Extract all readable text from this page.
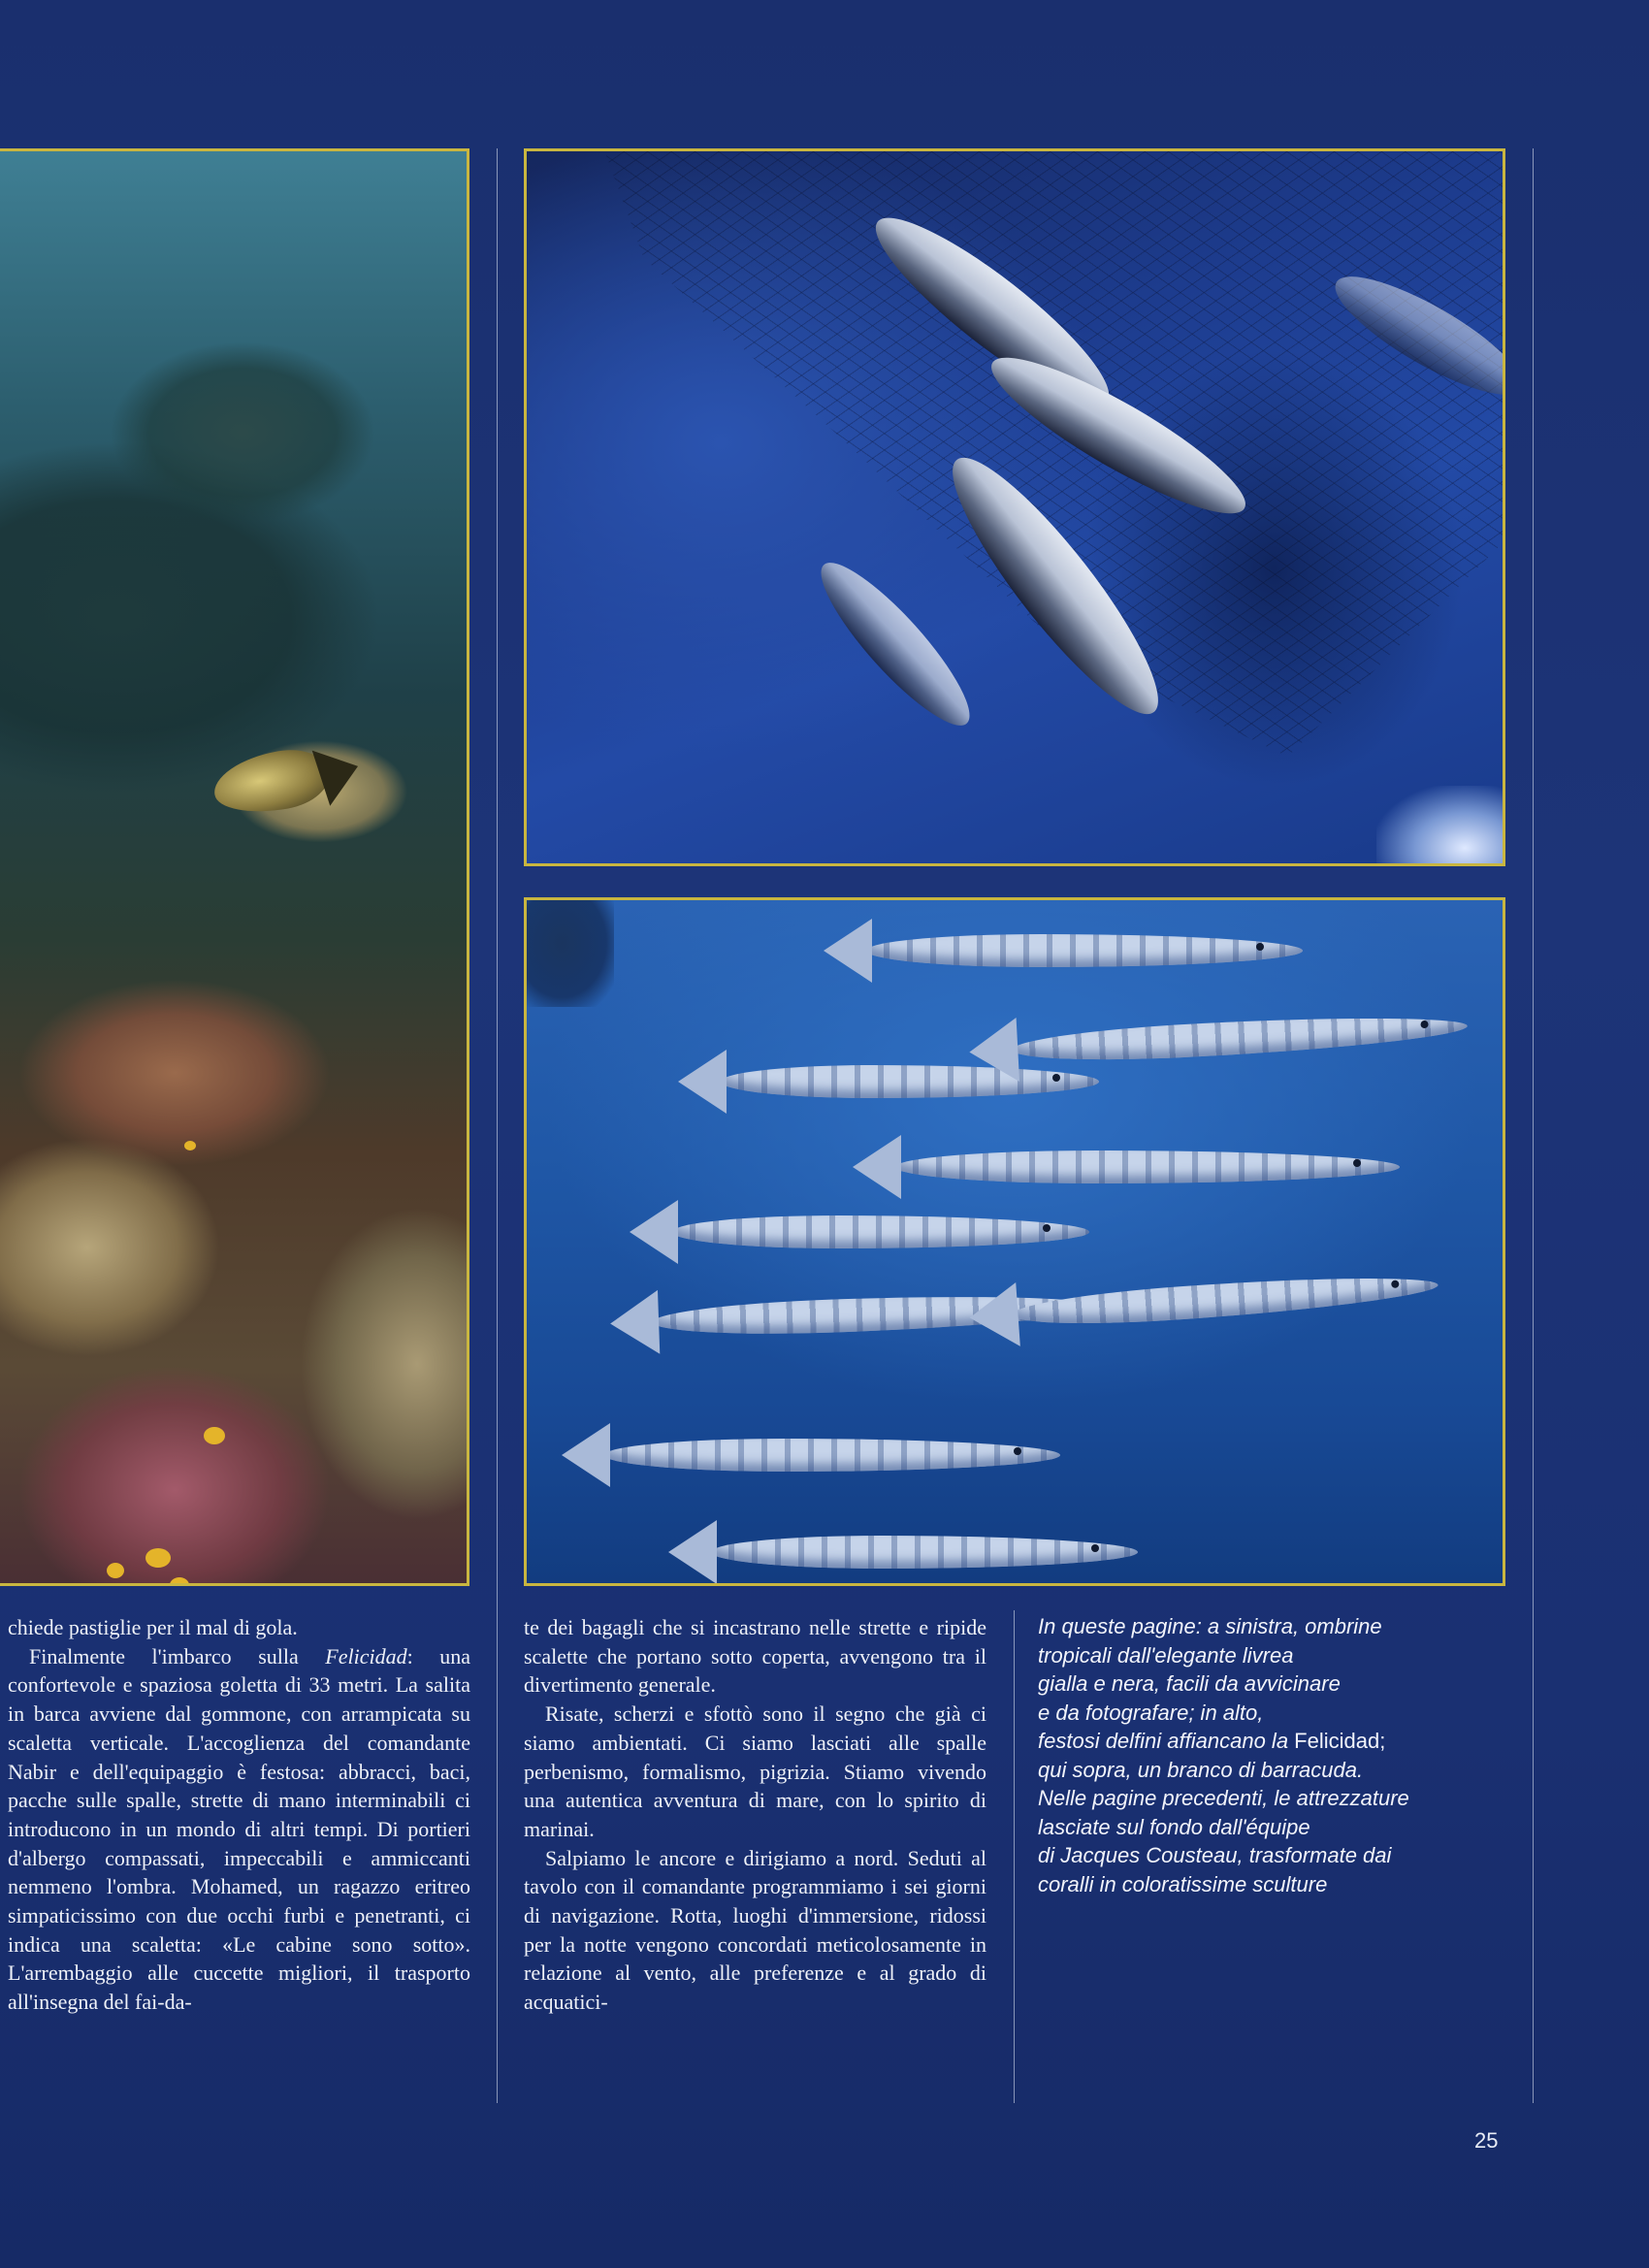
chiede pastiglie per il mal di gola.

Finalmente l'imbarco sulla Felicidad: una confortevole e spaziosa goletta di 33 metri. La salita in barca avviene dal gommone, con arrampicata su scaletta verticale. L'accoglienza del comandante Nabir e dell'equipaggio è festosa: abbracci, baci, pacche sulle spalle, strette di mano interminabili ci introducono in un mondo di altri tempi. Di portieri d'albergo compassati, impeccabili e ammiccanti nemmeno l'ombra. Mohamed, un ragazzo eritreo simpaticissimo con due occhi furbi e penetranti, ci indica una scaletta: «Le cabine sono sotto». L'arrembaggio alle cuccette migliori, il trasporto all'insegna del fai-da-

te dei bagagli che si incastrano nelle strette e ripide scalette che portano sotto coperta, avvengono tra il divertimento generale.

Risate, scherzi e sfottò sono il segno che già ci siamo ambientati. Ci siamo lasciati alle spalle perbenismo, formalismo, pigrizia. Stiamo vivendo una autentica avventura di mare, con lo spirito di marinai.

Salpiamo le ancore e dirigiamo a nord. Seduti al tavolo con il comandante programmiamo i sei giorni di navigazione. Rotta, luoghi d'immersione, ridossi per la notte vengono concordati meticolosamente in relazione al vento, alle preferenze e al grado di acquatici-

In queste pagine: a sinistra, ombrine
tropicali dall'elegante livrea
gialla e nera, facili da avvicinare
e da fotografare; in alto,
festosi delfini affiancano la Felicidad;
qui sopra, un branco di barracuda.
Nelle pagine precedenti, le attrezzature
lasciate sul fondo dall'équipe
di Jacques Cousteau, trasformate dai
coralli in coloratissime sculture
25
